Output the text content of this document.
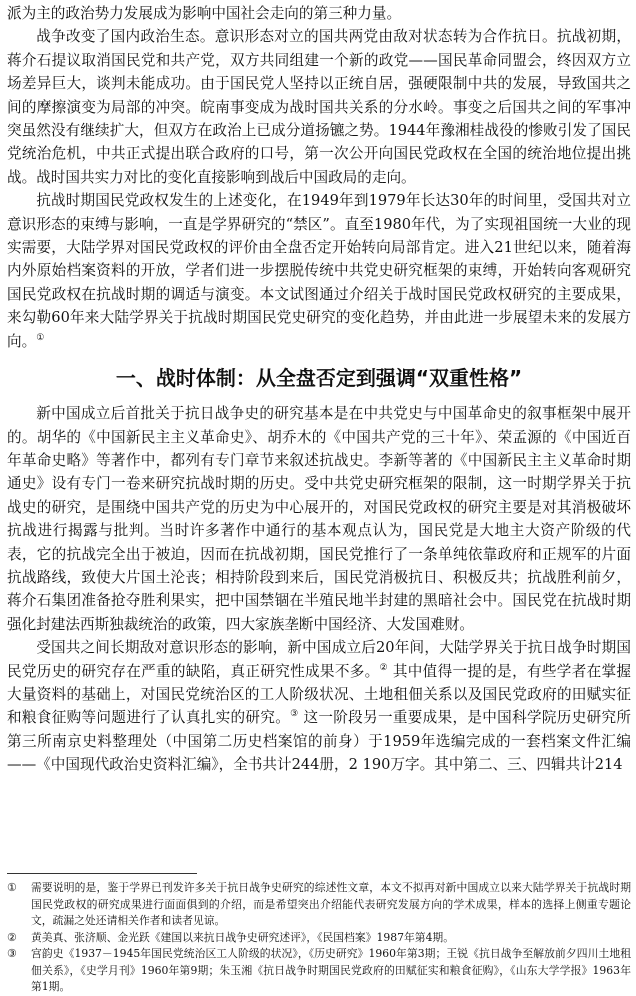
派为主的政治势力发展成为影响中国社会走向的第三种力量。

战争改变了国内政治生态。意识形态对立的国共两党由敌对状态转为合作抗日。抗战初期，蒋介石提议取消国民党和共产党，双方共同组建一个新的政党——国民革命同盟会，终因双方立场差异巨大，谈判未能成功。由于国民党人坚持以正统自居，强硬限制中共的发展，导致国共之间的摩擦演变为局部的冲突。皖南事变成为战时国共关系的分水岭。事变之后国共之间的军事冲突虽然没有继续扩大，但双方在政治上已成分道扬镳之势。1944年豫湘桂战役的惨败引发了国民党统治危机，中共正式提出联合政府的口号，第一次公开向国民党政权在全国的统治地位提出挑战。战时国共实力对比的变化直接影响到战后中国政局的走向。

抗战时期国民党政权发生的上述变化，在1949年到1979年长达30年的时间里，受国共对立意识形态的束缚与影响，一直是学界研究的“禁区”。直至1980年代，为了实现祖国统一大业的现实需要，大陆学界对国民党政权的评价由全盘否定开始转向局部肯定。进入21世纪以来，随着海内外原始档案资料的开放，学者们进一步摆脱传统中共党史研究框架的束缚，开始转向客观研究国民党政权在抗战时期的调适与演变。本文试图通过介绍关于战时国民党政权研究的主要成果，来勾勒60年来大陆学界关于抗战时期国民党史研究的变化趋势，并由此进一步展望未来的发展方向。①

一、战时体制：从全盘否定到强调“双重性格”

新中国成立后首批关于抗日战争史的研究基本是在中共党史与中国革命史的叙事框架中展开的。胡华的《中国新民主主义革命史》、胡乔木的《中国共产党的三十年》、荣孟源的《中国近百年革命史略》等著作中，都列有专门章节来叙述抗战史。李新等著的《中国新民主主义革命时期通史》设有专门一卷来研究抗战时期的历史。受中共党史研究框架的限制，这一时期学界关于抗战史的研究，是围绕中国共产党的历史为中心展开的，对国民党政权的研究主要是对其消极破坏抗战进行揭露与批判。当时许多著作中通行的基本观点认为，国民党是大地主大资产阶级的代表，它的抗战完全出于被迫，因而在抗战初期，国民党推行了一条单纯依靠政府和正规军的片面抗战路线，致使大片国土沦丧；相持阶段到来后，国民党消极抗日、积极反共；抗战胜利前夕，蒋介石集团准备抢夺胜利果实，把中国禁锢在半殖民地半封建的黑暗社会中。国民党在抗战时期强化封建法西斯独裁统治的政策，四大家族垄断中国经济、大发国难财。

受国共之间长期敌对意识形态的影响，新中国成立后20年间，大陆学界关于抗日战争时期国民党历史的研究存在严重的缺陷，真正研究性成果不多。② 其中值得一提的是，有些学者在掌握大量资料的基础上，对国民党统治区的工人阶级状况、土地租佃关系以及国民党政府的田赋实征和粮食征购等问题进行了认真扎实的研究。③ 这一阶段另一重要成果，是中国科学院历史研究所第三所南京史料整理处（中国第二历史档案馆的前身）于1959年选编完成的一套档案文件汇编——《中国现代政治史资料汇编》，全书共计244册，2 190万字。其中第二、三、四辑共计214

①	需要说明的是，鉴于学界已刊发许多关于抗日战争史研究的综述性文章，本文不拟再对新中国成立以来大陆学界关于抗战时期国民党政权的研究成果进行面面俱到的介绍，而是希望突出介绍能代表研究发展方向的学术成果，样本的选择上侧重专题论文，疏漏之处还请相关作者和读者见谅。
②	黄美真、张济顺、金光跃《建国以来抗日战争史研究述评》，《民国档案》1987年第4期。
③	宫韵史《1937－1945年国民党统治区工人阶级的状况》，《历史研究》1960年第3期；王锐《抗日战争至解放前夕四川土地租佃关系》，《史学月刊》1960年第9期；朱玉湘《抗日战争时期国民党政府的田赋征实和粮食征购》，《山东大学学报》1963年第1期。
